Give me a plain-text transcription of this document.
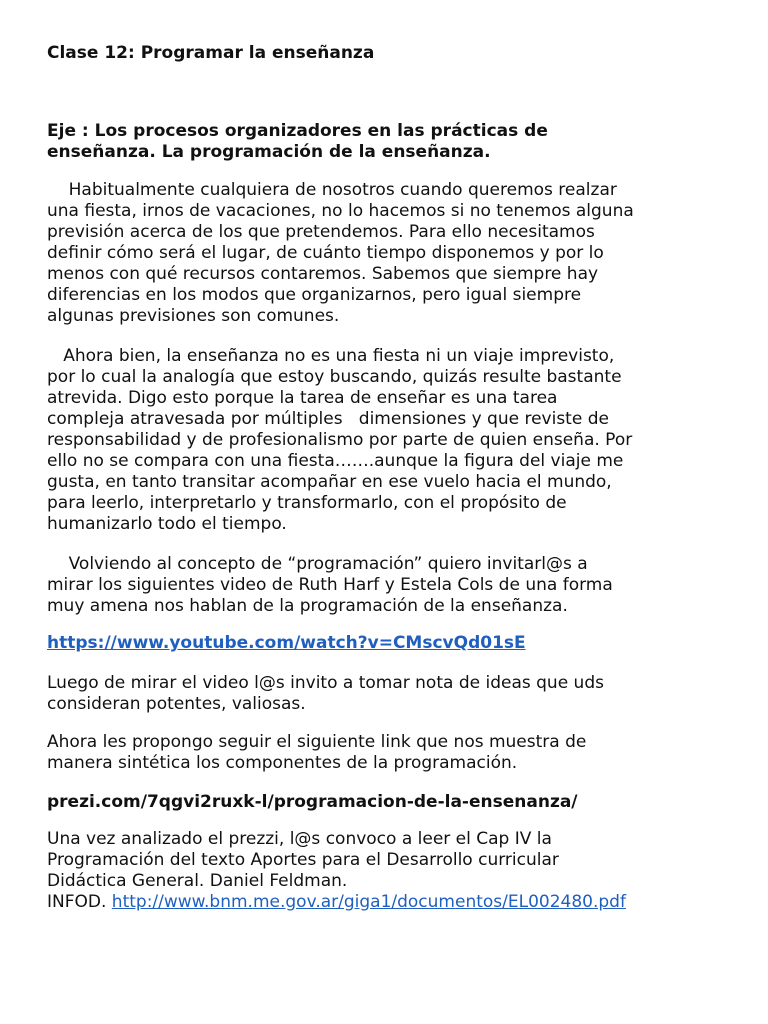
Clase 12: Programar la enseñanza
Eje : Los procesos organizadores en las prácticas de
enseñanza. La programación de la enseñanza.
Habitualmente cualquiera de nosotros cuando queremos realzar
una fiesta, irnos de vacaciones, no lo hacemos si no tenemos alguna
previsión acerca de los que pretendemos. Para ello necesitamos
definir cómo será el lugar, de cuánto tiempo disponemos y por lo
menos con qué recursos contaremos. Sabemos que siempre hay
diferencias en los modos que organizarnos, pero igual siempre
algunas previsiones son comunes.
Ahora bien, la enseñanza no es una fiesta ni un viaje imprevisto,
por lo cual la analogía que estoy buscando, quizás resulte bastante
atrevida. Digo esto porque la tarea de enseñar es una tarea
compleja atravesada por múltiples   dimensiones y que reviste de
responsabilidad y de profesionalismo por parte de quien enseña. Por
ello no se compara con una fiesta…….aunque la figura del viaje me
gusta, en tanto transitar acompañar en ese vuelo hacia el mundo,
para leerlo, interpretarlo y transformarlo, con el propósito de
humanizarlo todo el tiempo.
Volviendo al concepto de “programación” quiero invitarl@s a
mirar los siguientes video de Ruth Harf y Estela Cols de una forma
muy amena nos hablan de la programación de la enseñanza.
https://www.youtube.com/watch?v=CMscvQd01sE
Luego de mirar el video l@s invito a tomar nota de ideas que uds
consideran potentes, valiosas.
Ahora les propongo seguir el siguiente link que nos muestra de
manera sintética los componentes de la programación.
prezi.com/7qgvi2ruxk-l/programacion-de-la-ensenanza/
Una vez analizado el prezzi, l@s convoco a leer el Cap IV la
Programación del texto Aportes para el Desarrollo curricular
Didáctica General. Daniel Feldman.
INFOD. http://www.bnm.me.gov.ar/giga1/documentos/EL002480.pdf
